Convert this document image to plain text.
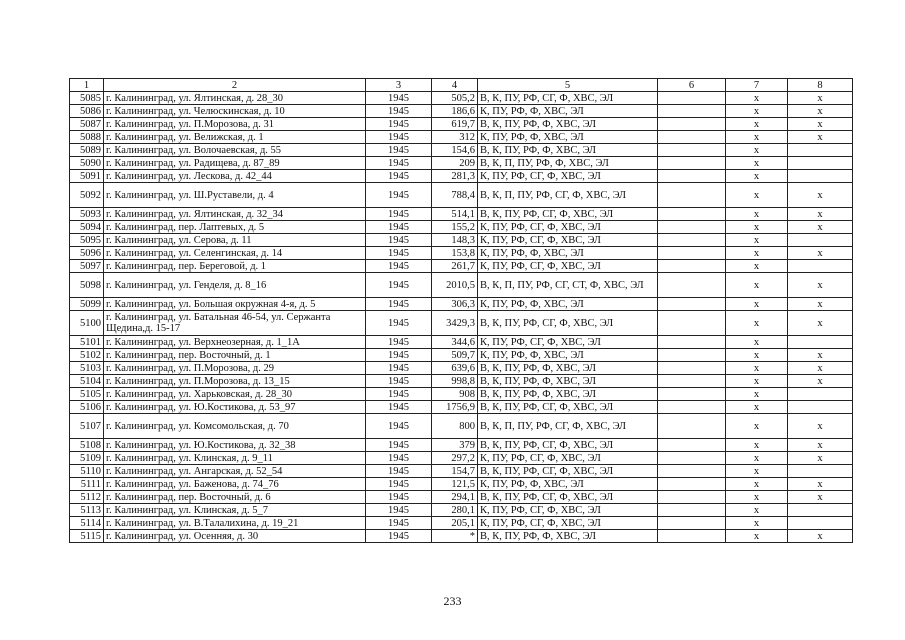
1	2	3	4	5	6	7	8
5085	г. Калининград, ул. Ялтинская, д. 28_30	1945	505,2	В, К, ПУ, РФ, СГ, Ф, ХВС, ЭЛ		х	х
5086	г. Калининград, ул. Челюскинская, д. 10	1945	186,6	К, ПУ, РФ, Ф, ХВС, ЭЛ		х	х
5087	г. Калининград, ул. П.Морозова, д. 31	1945	619,7	В, К, ПУ, РФ, Ф, ХВС, ЭЛ		х	х
5088	г. Калининград, ул. Велижская, д. 1	1945	312	К, ПУ, РФ, Ф, ХВС, ЭЛ		х	х
5089	г. Калининград, ул. Волочаевская, д. 55	1945	154,6	В, К, ПУ, РФ, Ф, ХВС, ЭЛ		х	
5090	г. Калининград, ул. Радищева, д. 87_89	1945	209	В, К, П, ПУ, РФ, Ф, ХВС, ЭЛ		х	
5091	г. Калининград, ул. Лескова, д. 42_44	1945	281,3	К, ПУ, РФ, СГ, Ф, ХВС, ЭЛ		х	
5092	г. Калининград, ул. Ш.Руставели, д. 4	1945	788,4	В, К, П, ПУ, РФ, СГ, Ф, ХВС, ЭЛ		х	х
5093	г. Калининград, ул. Ялтинская, д. 32_34	1945	514,1	В, К, ПУ, РФ, СГ, Ф, ХВС, ЭЛ		х	х
5094	г. Калининград, пер. Лаптевых, д. 5	1945	155,2	К, ПУ, РФ, СГ, Ф, ХВС, ЭЛ		х	х
5095	г. Калининград, ул. Серова, д. 11	1945	148,3	К, ПУ, РФ, СГ, Ф, ХВС, ЭЛ		х	
5096	г. Калининград, ул. Селенгинская, д. 14	1945	153,8	К, ПУ, РФ, Ф, ХВС, ЭЛ		х	х
5097	г. Калининград, пер. Береговой, д. 1	1945	261,7	К, ПУ, РФ, СГ, Ф, ХВС, ЭЛ		х	
5098	г. Калининград, ул. Генделя, д. 8_16	1945	2010,5	В, К, П, ПУ, РФ, СГ, СТ, Ф, ХВС, ЭЛ		х	х
5099	г. Калининград, ул. Большая окружная 4-я, д. 5	1945	306,3	К, ПУ, РФ, Ф, ХВС, ЭЛ		х	х
5100	г. Калининград, ул. Батальная 46-54, ул. Сержанта Щедина,д. 15-17	1945	3429,3	В, К, ПУ, РФ, СГ, Ф, ХВС, ЭЛ		х	х
5101	г. Калининград, ул. Верхнеозерная, д. 1_1А	1945	344,6	К, ПУ, РФ, СГ, Ф, ХВС, ЭЛ		х	
5102	г. Калининград, пер. Восточный, д. 1	1945	509,7	К, ПУ, РФ, Ф, ХВС, ЭЛ		х	х
5103	г. Калининград, ул. П.Морозова, д. 29	1945	639,6	В, К, ПУ, РФ, Ф, ХВС, ЭЛ		х	х
5104	г. Калининград, ул. П.Морозова, д. 13_15	1945	998,8	В, К, ПУ, РФ, Ф, ХВС, ЭЛ		х	х
5105	г. Калининград, ул. Харьковская, д. 28_30	1945	908	В, К, ПУ, РФ, Ф, ХВС, ЭЛ		х	
5106	г. Калининград, ул. Ю.Костикова, д. 53_97	1945	1756,9	В, К, ПУ, РФ, СГ, Ф, ХВС, ЭЛ		х	
5107	г. Калининград, ул. Комсомольская, д. 70	1945	800	В, К, П, ПУ, РФ, СГ, Ф, ХВС, ЭЛ		х	х
5108	г. Калининград, ул. Ю.Костикова, д. 32_38	1945	379	В, К, ПУ, РФ, СГ, Ф, ХВС, ЭЛ		х	х
5109	г. Калининград, ул. Клинская, д. 9_11	1945	297,2	К, ПУ, РФ, СГ, Ф, ХВС, ЭЛ		х	х
5110	г. Калининград, ул. Ангарская, д. 52_54	1945	154,7	В, К, ПУ, РФ, СГ, Ф, ХВС, ЭЛ		х	
5111	г. Калининград, ул. Баженова, д. 74_76	1945	121,5	К, ПУ, РФ, Ф, ХВС, ЭЛ		х	х
5112	г. Калининград, пер. Восточный, д. 6	1945	294,1	В, К, ПУ, РФ, СГ, Ф, ХВС, ЭЛ		х	х
5113	г. Калининград, ул. Клинская, д. 5_7	1945	280,1	К, ПУ, РФ, СГ, Ф, ХВС, ЭЛ		х	
5114	г. Калининград, ул. В.Талалихина, д. 19_21	1945	205,1	К, ПУ, РФ, СГ, Ф, ХВС, ЭЛ		х	
5115	г. Калининград, ул. Осенняя, д. 30	1945	*	В, К, ПУ, РФ, Ф, ХВС, ЭЛ		х	х
233
